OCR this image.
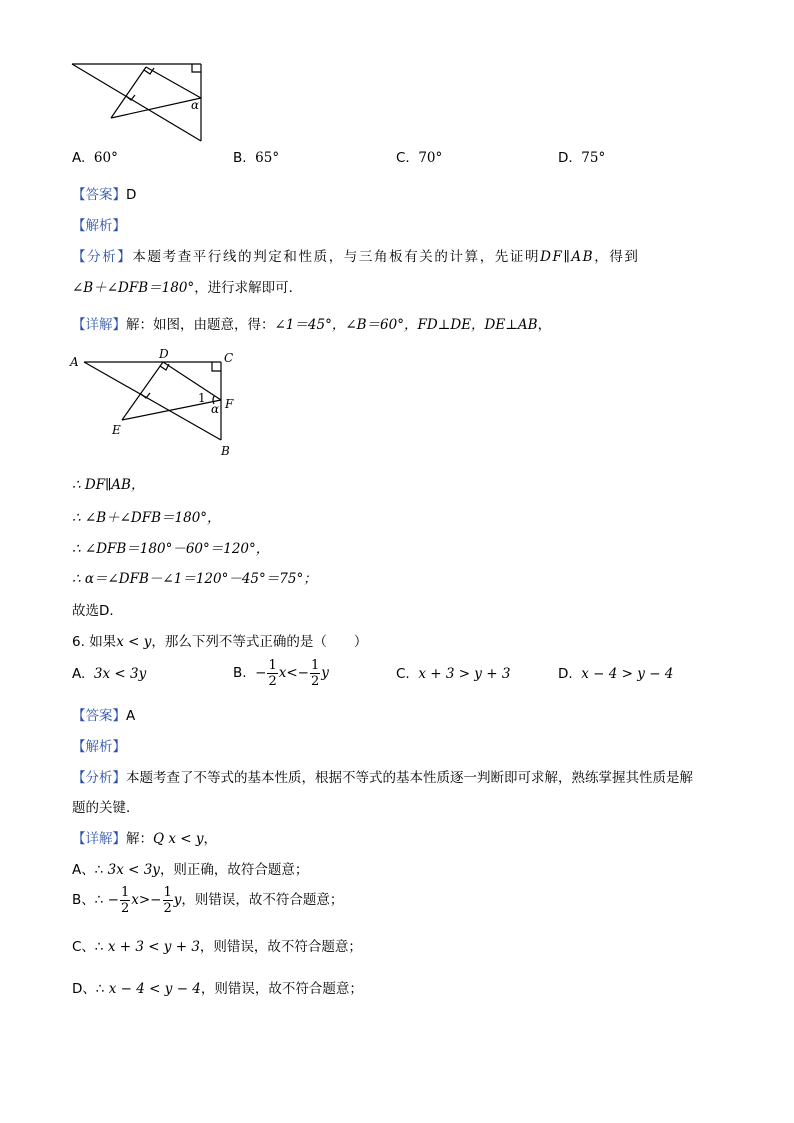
α
A. 60°	B. 65°	C. 70°	D. 75°
【答案】D
【解析】
【分析】本题考查平行线的判定和性质，与三角板有关的计算，先证明DF∥AB，得到
∠B＋∠DFB＝180°，进行求解即可．
【详解】解：如图，由题意，得：∠1＝45°，∠B＝60°，FD⊥DE，DE⊥AB，
A
D	C
F
E
B
1
α
∴ DF∥AB，
∴ ∠B＋∠DFB＝180°，
∴ ∠DFB＝180°－60°＝120°，
∴ α＝∠DFB－∠1＝120°－45°＝75°；
故选D．
6. 如果x < y，那么下列不等式正确的是（　　）
A. 3x < 3y	B. − $\frac{1}{2} x<- \frac{1}{2}$ y	C. x + 3 > y + 3	D. x − 4 > y − 4
【答案】A
【解析】
【分析】本题考查了不等式的基本性质，根据不等式的基本性质逐一判断即可求解，熟练掌握其性质是解
题的关键．
【详解】解：Q x < y，
A、∴ 3x < 3y，则正确，故符合题意；
B、∴ − $\frac{1}{2} x>- \frac{1}{2}$ y，则错误，故不符合题意；
C、∴ x + 3 < y + 3，则错误，故不符合题意；
D、∴ x − 4 < y − 4，则错误，故不符合题意；
